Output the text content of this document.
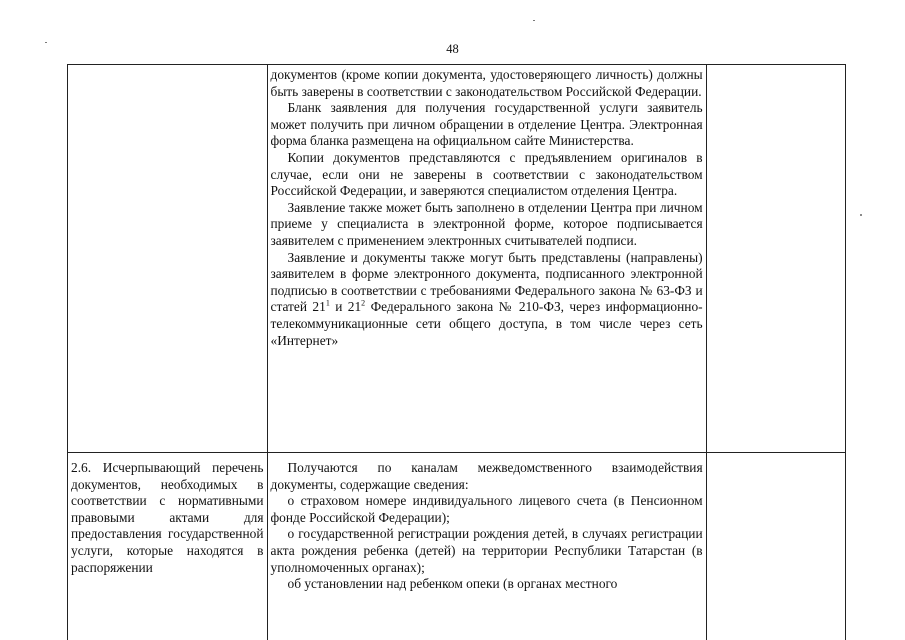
48

	документов (кроме копии документа, удостоверяющего личность) должны быть заверены в соответствии с законодательством Российской Федерации.

Бланк заявления для получения государственной услуги заявитель может получить при личном обращении в отделение Центра. Электронная форма бланка размещена на официальном сайте Министерства.

Копии документов представляются с предъявлением оригиналов в случае, если они не заверены в соответствии с законодательством Российской Федерации, и заверяются специалистом отделения Центра.

Заявление также может быть заполнено в отделении Центра при личном приеме у специалиста в электронной форме, которое подписывается заявителем с применением электронных считывателей подписи.

Заявление и документы также могут быть представлены (направлены) заявителем в форме электронного документа, подписанного электронной подписью в соответствии с требованиями Федерального закона № 63-ФЗ и статей $21^1$ и $21^2$ Федерального закона № 210-ФЗ, через информационно-телекоммуникационные сети общего доступа, в том числе через сеть «Интернет»	

2.6. Исчерпывающий перечень документов, необходимых в соответствии с нормативными правовыми актами для предоставления государственной услуги, которые находятся в распоряжении	Получаются по каналам межведомственного взаимодействия документы, содержащие сведения:

о страховом номере индивидуального лицевого счета (в Пенсионном фонде Российской Федерации);

о государственной регистрации рождения детей, в случаях регистрации акта рождения ребенка (детей) на территории Республики Татарстан (в уполномоченных органах);

об установлении над ребенком опеки (в органах местного	
